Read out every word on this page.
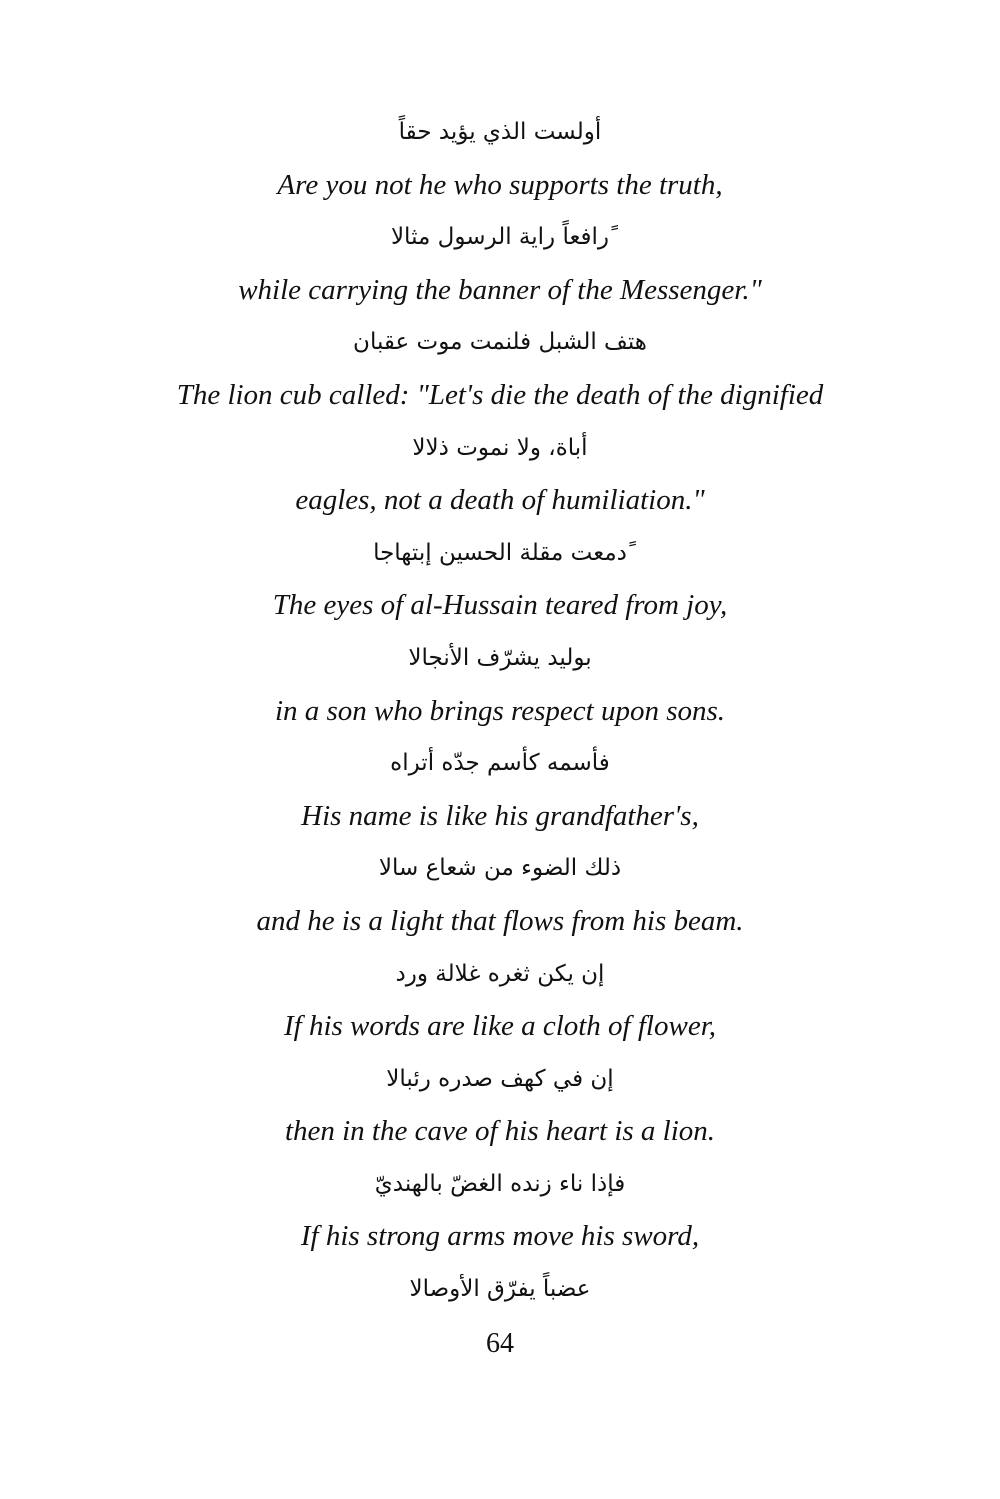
أولست الذي يؤيد حقاً
Are you not he who supports the truth,
ًرافعاً راية الرسول مثالا
while carrying the banner of the Messenger."
هتف الشبل فلنمت موت عقبان
The lion cub called: "Let's die the death of the dignified
أباة، ولا نموت ذلالا
eagles, not a death of humiliation."
ًدمعت مقلة الحسين إبتهاجا
The eyes of al-Hussain teared from joy,
بوليد يشرّف الأنجالا
in a son who brings respect upon sons.
فأسمه كأسم جدّه أتراه
His name is like his grandfather's,
ذلك الضوء من شعاع سالا
and he is a light that flows from his beam.
إن يكن ثغره غلالة ورد
If his words are like a cloth of flower,
إن في كهف صدره رئبالا
then in the cave of his heart is a lion.
فإذا ناء زنده الغضّ بالهنديّ
If his strong arms move his sword,
عضباً يفرّق الأوصالا
64
